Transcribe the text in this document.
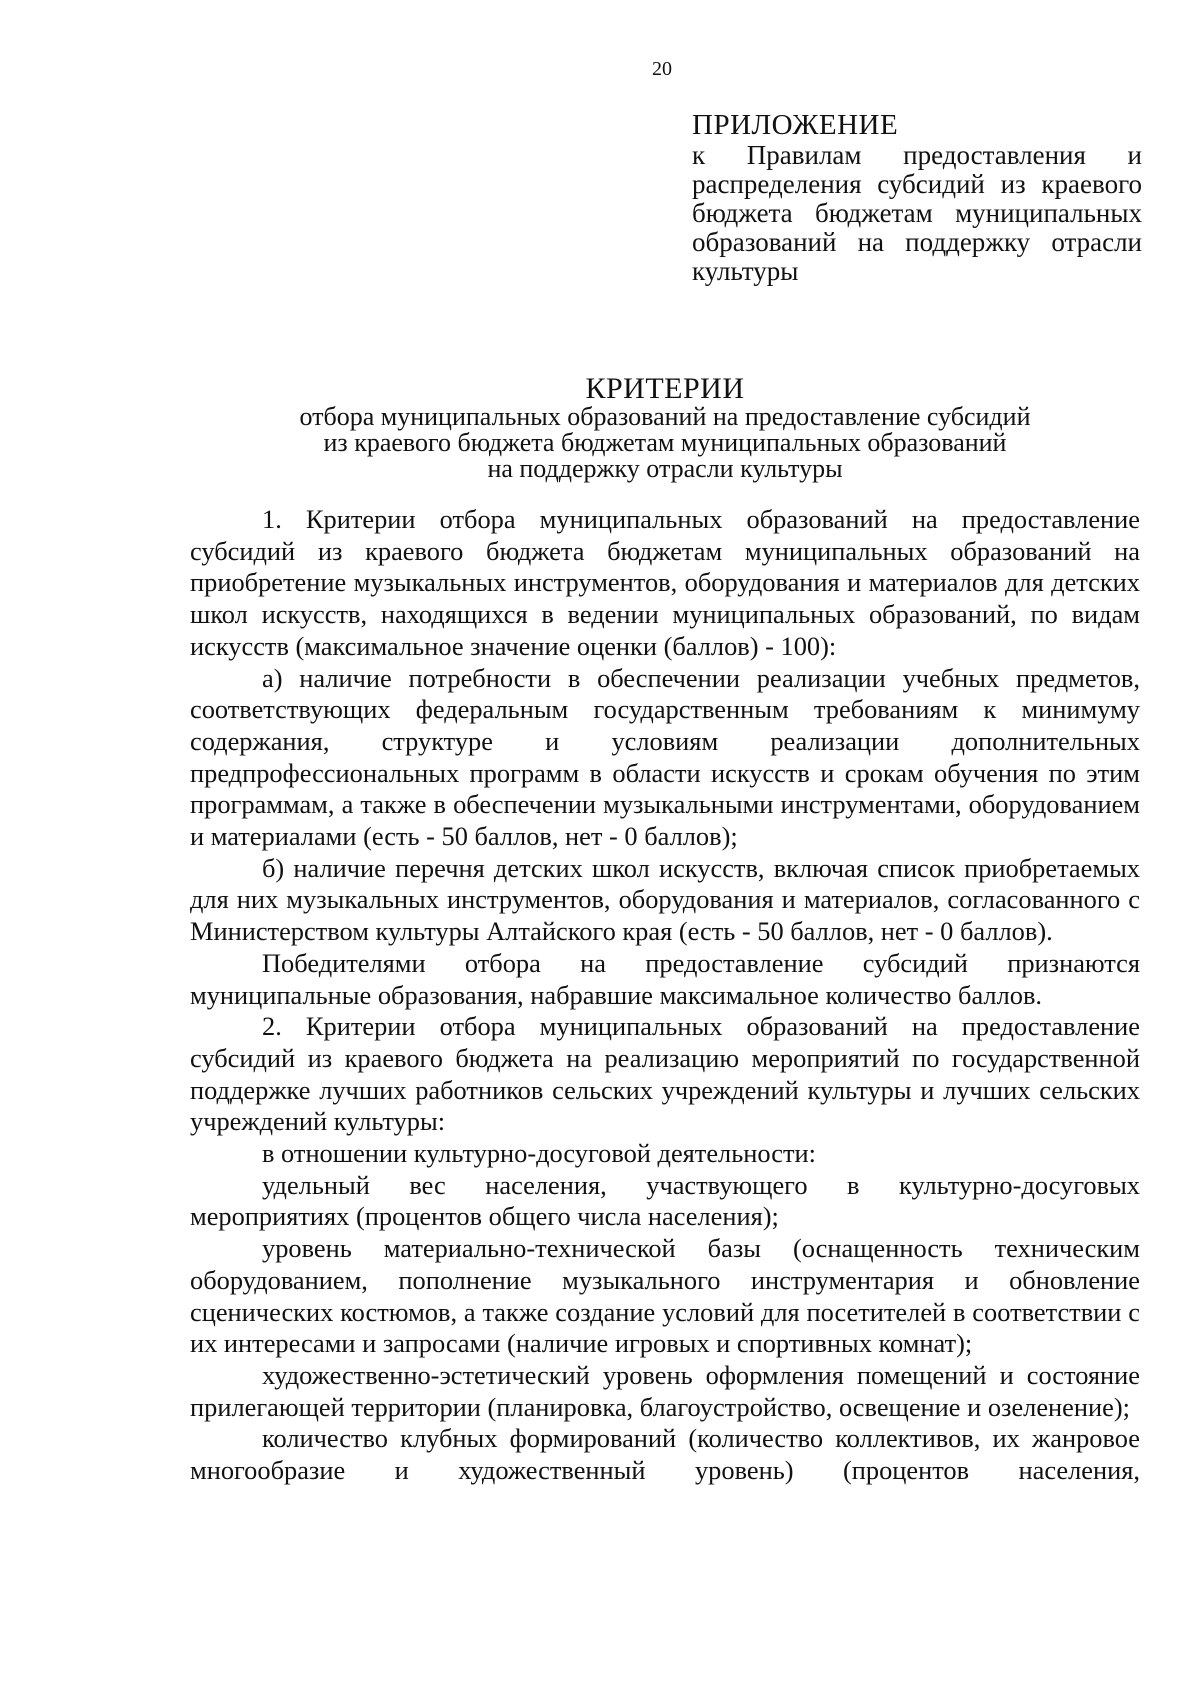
20
ПРИЛОЖЕНИЕ
к Правилам предоставления и распределения субсидий из краевого бюджета бюджетам муниципальных образований на поддержку отрасли культуры
КРИТЕРИИ
отбора муниципальных образований на предоставление субсидий
из краевого бюджета бюджетам муниципальных образований
на поддержку отрасли культуры

1. Критерии отбора муниципальных образований на предоставление субсидий из краевого бюджета бюджетам муниципальных образований на приобретение музыкальных инструментов, оборудования и материалов для детских школ искусств, находящихся в ведении муниципальных образований, по видам искусств (максимальное значение оценки (баллов) - 100):

а) наличие потребности в обеспечении реализации учебных предметов, соответствующих федеральным государственным требованиям к минимуму содержания, структуре и условиям реализации дополнительных предпрофессиональных программ в области искусств и срокам обучения по этим программам, а также в обеспечении музыкальными инструментами, оборудованием и материалами (есть - 50 баллов, нет - 0 баллов);

б) наличие перечня детских школ искусств, включая список приобретаемых для них музыкальных инструментов, оборудования и материалов, согласованного с Министерством культуры Алтайского края (есть - 50 баллов, нет - 0 баллов).

Победителями отбора на предоставление субсидий признаются муниципальные образования, набравшие максимальное количество баллов.

2. Критерии отбора муниципальных образований на предоставление субсидий из краевого бюджета на реализацию мероприятий по государственной поддержке лучших работников сельских учреждений культуры и лучших сельских учреждений культуры:

в отношении культурно-досуговой деятельности:

удельный вес населения, участвующего в культурно-досуговых мероприятиях (процентов общего числа населения);

уровень материально-технической базы (оснащенность техническим оборудованием, пополнение музыкального инструментария и обновление сценических костюмов, а также создание условий для посетителей в соответствии с их интересами и запросами (наличие игровых и спортивных комнат);

художественно-эстетический уровень оформления помещений и состояние прилегающей территории (планировка, благоустройство, освещение и озеленение);

количество клубных формирований (количество коллективов, их жанровое многообразие и художественный уровень) (процентов населения,
